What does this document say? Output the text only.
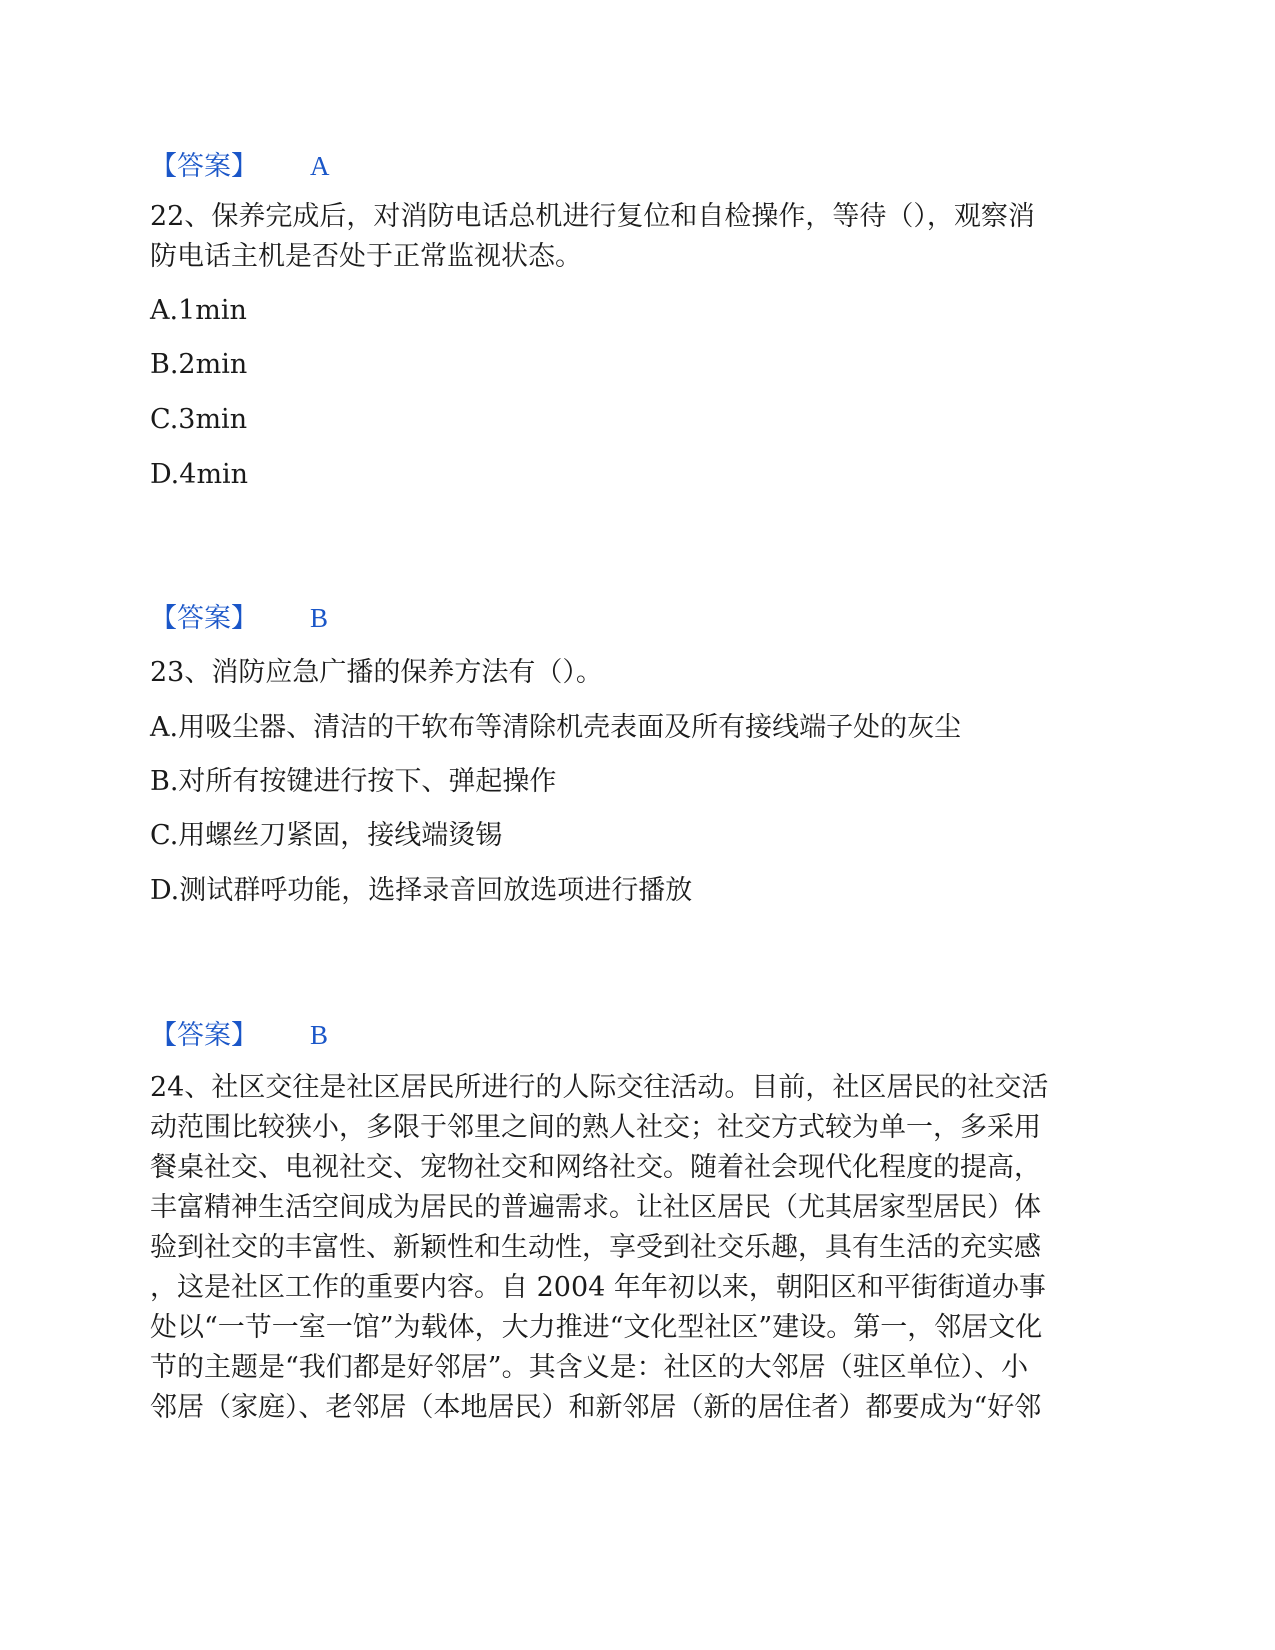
【答案】 A
22、保养完成后，对消防电话总机进行复位和自检操作，等待（），观察消
防电话主机是否处于正常监视状态。
A.1min
B.2min
C.3min
D.4min
【答案】 B
23、消防应急广播的保养方法有（）。
A.用吸尘器、清洁的干软布等清除机壳表面及所有接线端子处的灰尘
B.对所有按键进行按下、弹起操作
C.用螺丝刀紧固，接线端烫锡
D.测试群呼功能，选择录音回放选项进行播放
【答案】 B
24、社区交往是社区居民所进行的人际交往活动。目前，社区居民的社交活
动范围比较狭小，多限于邻里之间的熟人社交；社交方式较为单一，多采用
餐桌社交、电视社交、宠物社交和网络社交。随着社会现代化程度的提高，
丰富精神生活空间成为居民的普遍需求。让社区居民（尤其居家型居民）体
验到社交的丰富性、新颖性和生动性，享受到社交乐趣，具有生活的充实感
，这是社区工作的重要内容。自 2004 年年初以来，朝阳区和平街街道办事
处以“一节一室一馆”为载体，大力推进“文化型社区”建设。第一，邻居文化
节的主题是“我们都是好邻居”。其含义是：社区的大邻居（驻区单位）、小
邻居（家庭）、老邻居（本地居民）和新邻居（新的居住者）都要成为“好邻
